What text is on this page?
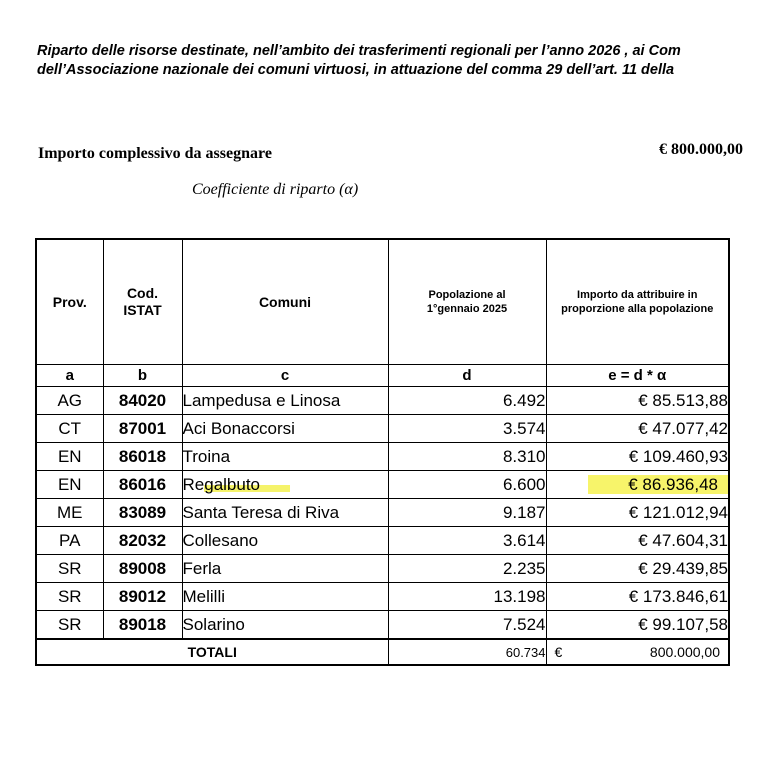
Riparto delle risorse destinate, nell’ambito dei trasferimenti regionali per l’anno 2026 , ai Com
dell’Associazione nazionale dei comuni virtuosi, in attuazione del comma 29 dell’art. 11 della
Importo complessivo da assegnare	€ 800.000,00
Coefficiente di riparto (α)
Prov.	Cod. ISTAT	Comuni	Popolazione al 1°gennaio 2025	Importo da attribuire in proporzione alla popolazione
a	b	c	d	e = d * α
AG	84020	Lampedusa e Linosa	6.492	€ 85.513,88
CT	87001	Aci Bonaccorsi	3.574	€ 47.077,42
EN	86018	Troina	8.310	€ 109.460,93
EN	86016	Regalbuto	6.600	€ 86.936,48
ME	83089	Santa Teresa di Riva	9.187	€ 121.012,94
PA	82032	Collesano	3.614	€ 47.604,31
SR	89008	Ferla	2.235	€ 29.439,85
SR	89012	Melilli	13.198	€ 173.846,61
SR	89018	Solarino	7.524	€ 99.107,58
TOTALI			60.734	€ 800.000,00
